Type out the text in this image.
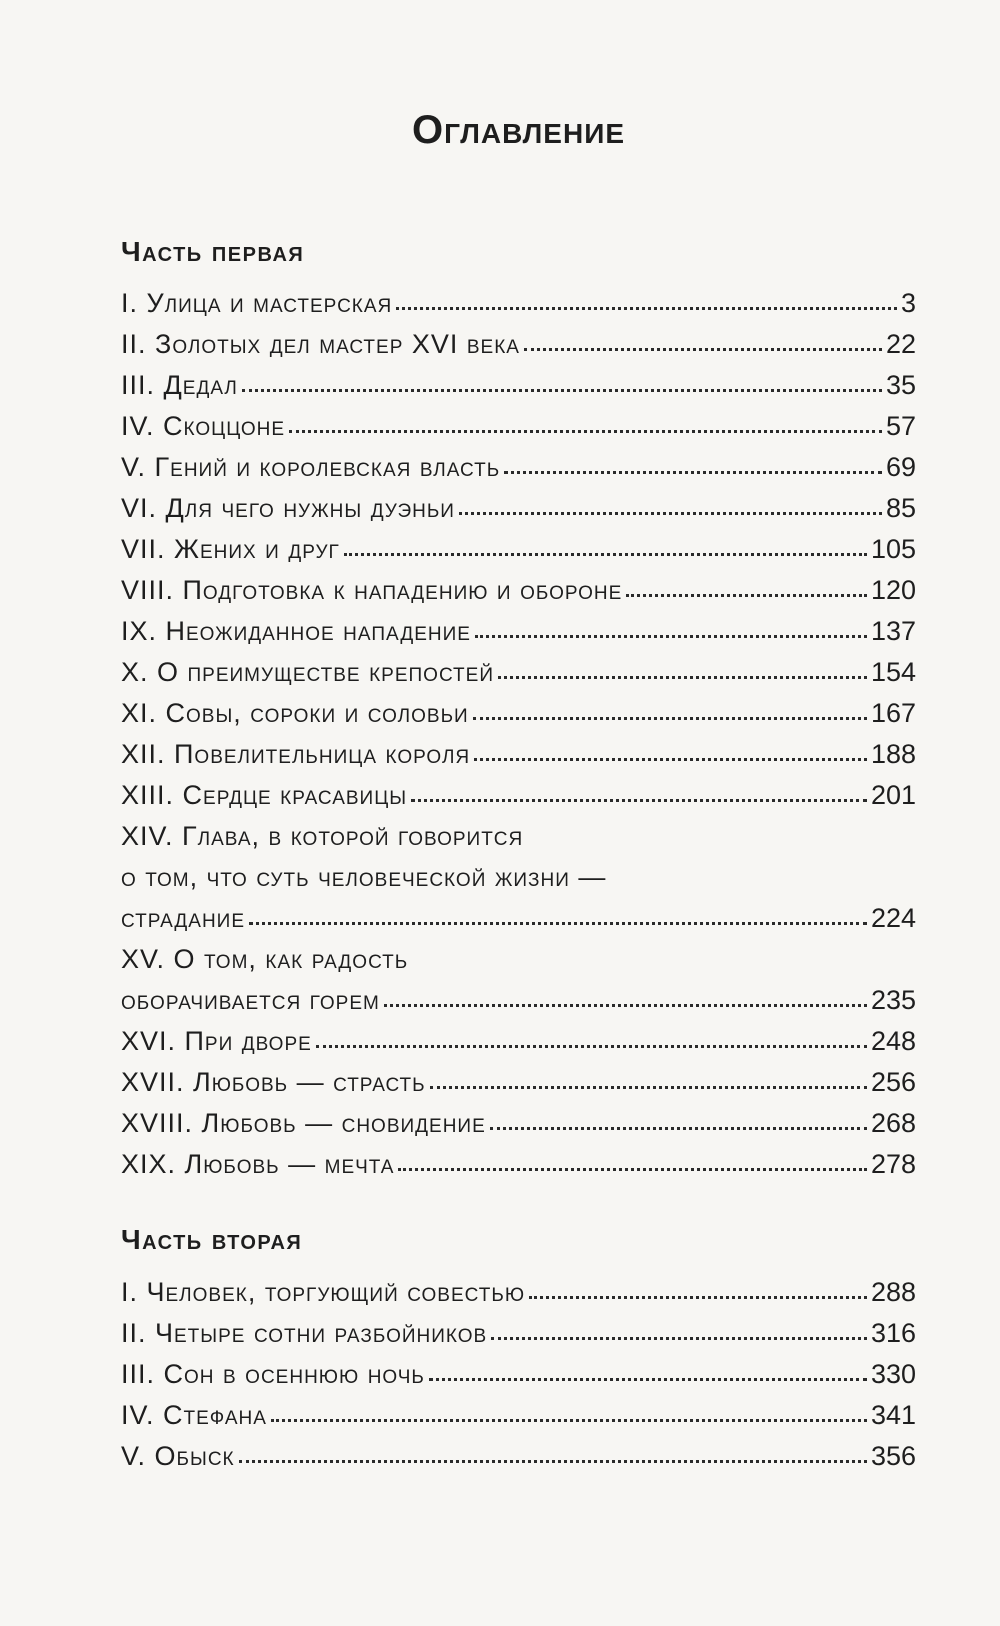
Оглавление
Часть первая
I. Улица и мастерская	3
II. Золотых дел мастер XVI века	22
III. Дедал	35
IV. Скоццоне	57
V. Гений и королевская власть	69
VI. Для чего нужны дуэньи	85
VII. Жених и друг	105
VIII. Подготовка к нападению и обороне	120
IX. Неожиданное нападение	137
X. О преимуществе крепостей	154
XI. Совы, сороки и соловьи	167
XII. Повелительница короля	188
XIII. Сердце красавицы	201
XIV. Глава, в которой говорится
о том, что суть человеческой жизни —
страдание	224
XV. О том, как радость
оборачивается горем	235
XVI. При дворе	248
XVII. Любовь — страсть	256
XVIII. Любовь — сновидение	268
XIX. Любовь — мечта	278
Часть вторая
I. Человек, торгующий совестью	288
II. Четыре сотни разбойников	316
III. Сон в осеннюю ночь	330
IV. Стефана	341
V. Обыск	356
